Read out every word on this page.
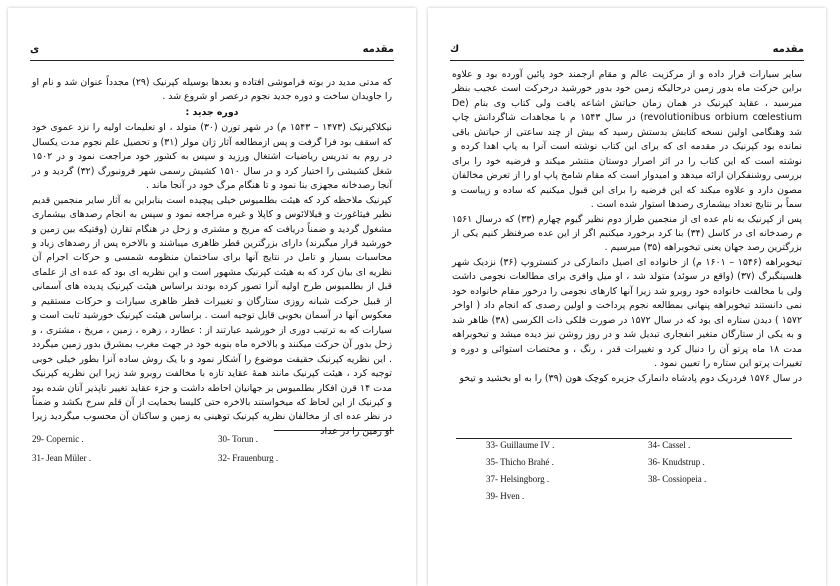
ى	مقدمه

که مدتی مدید در بوته فراموشی افتاده و بعدها بوسیله کپرنیک (۲۹) مجدداً عنوان شد و نام او را جاویدان ساخت و دوره جدید نجوم درعصر او شروع شد .

دوره جدید :

نیکلاکپرنیک (۱۴۷۳ – ۱۵۴۳ م) در شهر تورن (۳۰) متولد ، او تعلیمات اولیه را نزد عموی خود که اسقف بود فرا گرفت و پس ازمطالعه آثار ژان مولر (۳۱) و تحصیل علم نجوم مدت یکسال در روم به تدریس ریاضیات اشتغال ورزید و سپس به کشور خود مراجعت نمود و در ۱۵۰۲ شغل کشیشی را اختیار کرد و در سال ۱۵۱۰ کشیش رسمی شهر فرونبورگ (۳۲) گردید و در آنجا رصدخانه مجهزی بنا نمود و تا هنگام مرگ خود در آنجا ماند .

کپرنیک ملاحظه کرد که هیئت بطلمیوس خیلی پیچیده است بنابراین به آثار سایر منجمین قدیم نظیر فیثاغورث و فیلالائوس و کاپلا و غیره مراجعه نمود و سپس به انجام رصدهای بیشماری مشغول گردید و ضمناً دریافت که مریخ و مشتری و زحل در هنگام تقارن (وقتیکه بین زمین و خورشید قرار میگیرند) دارای بزرگترین قطر ظاهری میباشند و بالاخره پس از رصدهای زیاد و محاسبات بسیار و تامل در نتایج آنها برای ساختمان منظومه شمسی و حرکات اجرام آن نظریه ای بیان کرد که به هیئت کپرنیک مشهور است و این نظریه ای بود که عده ای از علمای قبل از بطلمیوس طرح اولیه آنرا تصور کرده بودند براساس هیئت کپرنیک پدیده های آسمانی از قبیل حرکت شبانه روزی ستارگان و تغییرات قطر ظاهری سیارات و حرکات مستقیم و معکوس آنها در آسمان بخوبی قابل توجیه است . براساس هیئت کپرنیک خورشید ثابت است و سیارات که به ترتیب دوری از خورشید عبارتند از : عطارد ، زهره ، زمین ، مریخ ، مشتری ، و زحل بدور آن حرکت میکنند و بالاخره ماه بنوبه خود در جهت مغرب بمشرق بدور زمین میگردد . این نظریه کپرنیک حقیقت موضوع را آشکار نمود و با یک روش ساده آنرا بطور خیلی خوبی توجیه کرد ، هیئت کپرنیک مانند همهٔ عقاید تازه با مخالفت روبرو شد زیرا این نظریه کپرنیک مدت ۱۴ قرن افکار بطلمیوس بر جهانیان احاطه داشت و جزء عقاید تغییر ناپذیر آنان شده بود و کپرنیک از این لحاظ که میخواستند بالاخره حتی کلیسا بحمایت از آن قلم سرخ بکشد و ضمناً در نظر عده ای از مخالفان نظریه کپرنیک توهینی به زمین و ساکنان آن محسوب میگردید زیرا او زمین را در عداد

29- Copernic .	30- Torun .
31- Jean Müler .	32- Frauenburg .
ك	مقدمه

سایر سیارات قرار داده و از مرکزیت عالم و مقام ارجمند خود پائین آورده بود و علاوه براین حرکت ماه بدور زمین درحالیکه زمین خود بدور خورشید درحرکت است عجیب بنظر میرسید ، عقاید کپرنیک در همان زمان حیاتش اشاعه یافت ولی کتاب وی بنام (De revolutionibus orbium cœlestium) در سال ۱۵۴۳ م با مجاهدات شاگردانش چاپ شد وهنگامی اولین نسخه کتابش بدستش رسید که بیش از چند ساعتی از حیاتش باقی نمانده بود کپرنیک در مقدمه ای که برای این کتاب نوشته است آنرا به پاپ اهدا کرده و نوشته است که این کتاب را در اثر اصرار دوستان منتشر میکند و فرضیه خود را برای بررسی روشنفکران ارائه میدهد و امیدوار است که مقام شامخ پاپ او را از تعرض مخالفان مصون دارد و علاوه میکند که این فرضیه را برای این قبول میکنیم که ساده و زیباست و سماً بر نتایج تعداد بیشماری رصدها استوار شده است .

پس از کپرنیک به نام عده ای از منجمین طراز دوم نظیر گیوم چهارم (۳۳) که درسال ۱۵۶۱ م رصدخانه ای در کاسل (۳۴) بنا کرد برخورد میکنیم اگر از این عده صرفنظر کنیم یکی از بزرگترین رصد جهان یعنی تیخوبراهه (۳۵) میرسیم .

تیخوبراهه (۱۵۴۶ – ۱۶۰۱ م) از خانواده ای اصیل دانمارکی در کنستروپ (۳۶) نزدیک شهر هلسینگبرگ (۳۷) (واقع در سوئد) متولد شد ، او میل وافری برای مطالعات نجومی داشت ولی با مخالفت خانواده خود روبرو شد زیرا آنها کارهای نجومی را درخور مقام خانواده خود نمی دانستند تیخوبراهه پنهانی بمطالعه نجوم پرداخت و اولین رصدی که انجام داد ( اواخر ۱۵۷۲ ) دیدن ستاره ای بود که در سال ۱۵۷۲ در صورت فلکی ذات الکرسی (۳۸) ظاهر شد و به یکی از ستارگان متغیر انفجاری تبدیل شد و در روز روشن نیز دیده میشد و تیخوبراهه مدت ۱۸ ماه پرتو آن را دنبال کرد و تغییرات قدر ، رنگ ، و مختصات استوائی و دوره و تغییرات پرتو این ستاره را تعیین نمود .

در سال ۱۵۷۶ فردریک دوم پادشاه دانمارک جزیره کوچک هون (۳۹) را به او بخشید و تیخو

33- Guillaume IV .	34- Cassel .
35- Thicho Brahé .	36- Knudstrup .
37- Helsingborg .	38- Cossiopeia .
39- Hven .
